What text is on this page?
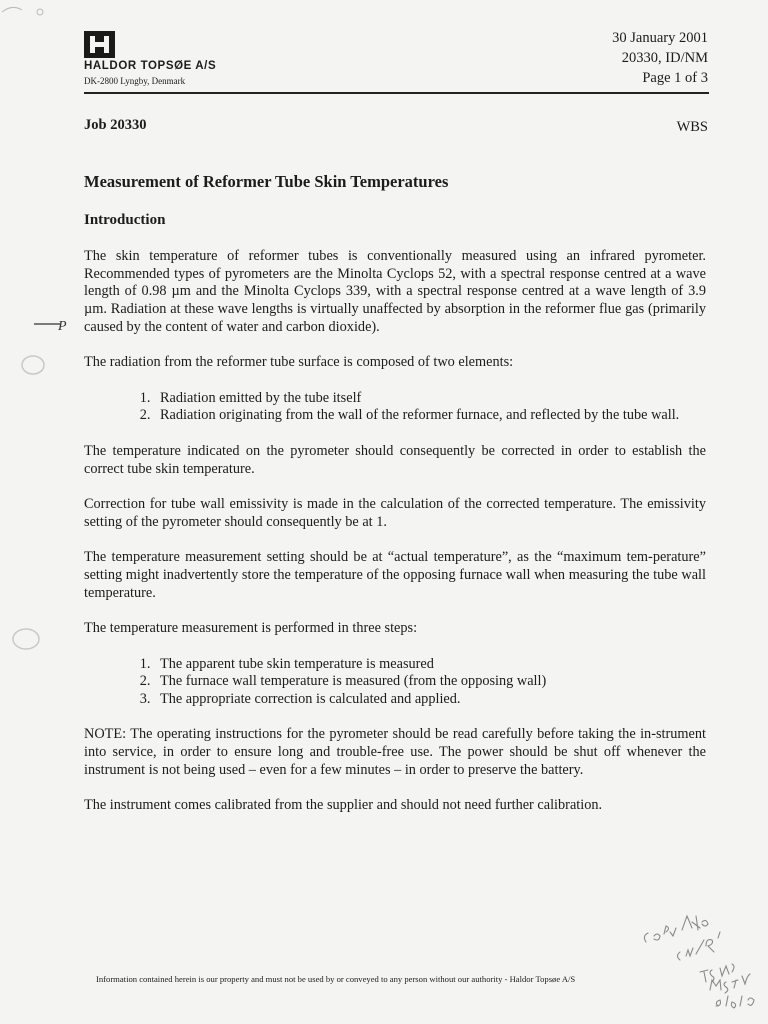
HALDOR TOPSØE A/S
DK-2800 Lyngby, Denmark
30 January 2001
20330, ID/NM
Page 1 of 3
Job 20330	WBS
Measurement of Reformer Tube Skin Temperatures
Introduction

The skin temperature of reformer tubes is conventionally measured using an infrared pyrometer. Recommended types of pyrometers are the Minolta Cyclops 52, with a spectral response centred at a wave length of 0.98 µm and the Minolta Cyclops 339, with a spectral response centred at a wave length of 3.9 µm. Radiation at these wave lengths is virtually unaffected by absorption in the reformer flue gas (primarily caused by the content of water and carbon dioxide).

The radiation from the reformer tube surface is composed of two elements:

1. Radiation emitted by the tube itself
2. Radiation originating from the wall of the reformer furnace, and reflected by the tube wall.

The temperature indicated on the pyrometer should consequently be corrected in order to establish the correct tube skin temperature.

Correction for tube wall emissivity is made in the calculation of the corrected temperature. The emissivity setting of the pyrometer should consequently be at 1.

The temperature measurement setting should be at “actual temperature”, as the “maximum tem-perature” setting might inadvertently store the temperature of the opposing furnace wall when measuring the tube wall temperature.

The temperature measurement is performed in three steps:

1. The apparent tube skin temperature is measured
2. The furnace wall temperature is measured (from the opposing wall)
3. The appropriate correction is calculated and applied.

NOTE: The operating instructions for the pyrometer should be read carefully before taking the in-strument into service, in order to ensure long and trouble-free use. The power should be shut off whenever the instrument is not being used – even for a few minutes – in order to preserve the battery.

The instrument comes calibrated from the supplier and should not need further calibration.

Information contained herein is our property and must not be used by or conveyed to any person without our authority - Haldor Topsøe A/S
P
